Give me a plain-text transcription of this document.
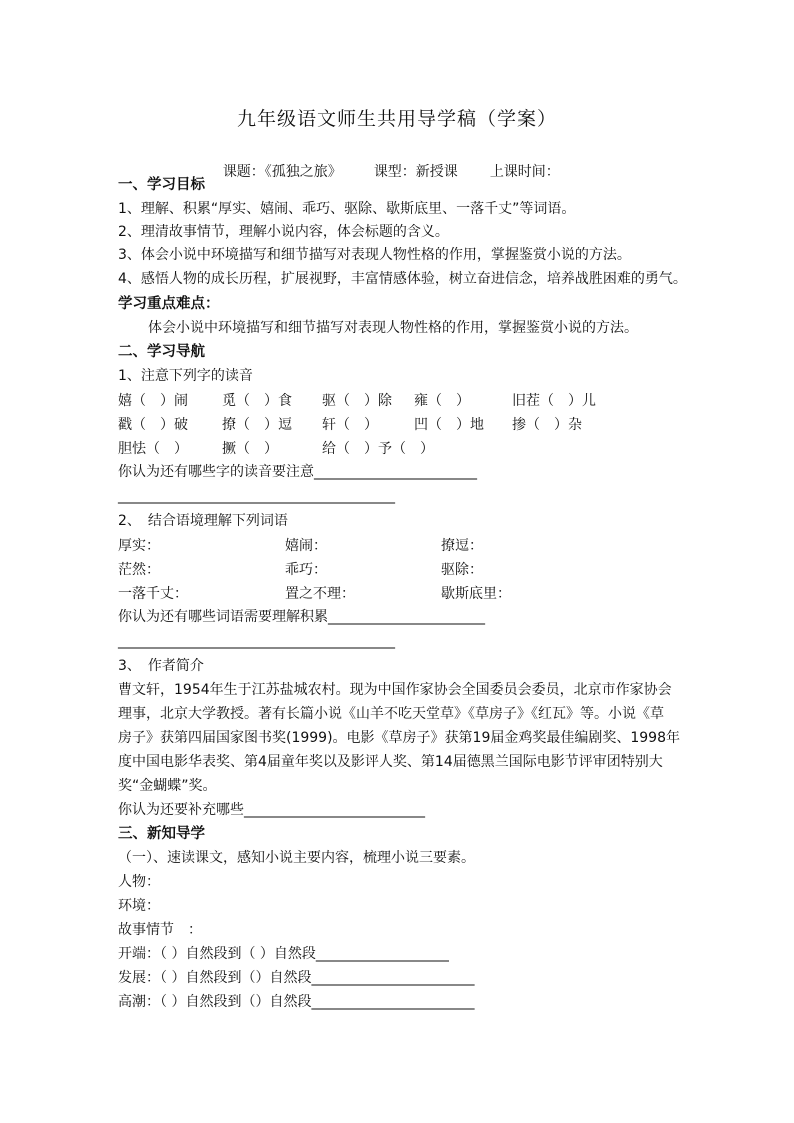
九年级语文师生共用导学稿（学案）

课题：《孤独之旅》 课型：新授课 上课时间：

一、学习目标
1、理解、积累“厚实、嬉闹、乖巧、驱除、歇斯底里、一落千丈”等词语。
2、理清故事情节，理解小说内容，体会标题的含义。
3、体会小说中环境描写和细节描写对表现人物性格的作用，掌握鉴赏小说的方法。
4、感悟人物的成长历程，扩展视野，丰富情感体验，树立奋进信念，培养战胜困难的勇气。
学习重点难点：
体会小说中环境描写和细节描写对表现人物性格的作用，掌握鉴赏小说的方法。
二、学习导航
1、注意下列字的读音
嬉（　）闹 觅（　）食 驱（　）除 雍（　）	旧茬（　）儿
戳（　）破 撩（　）逗 轩（　）	凹（　）地 掺（　）杂
胆怯（　） 撅（　）	给（　）予（　）
你认为还有哪些字的读音要注意___________________________
______________________________________________
2、　结合语境理解下列词语
厚实：	嬉闹：	撩逗：
茫然：	乖巧：	驱除：
一落千丈：	置之不理：	歇斯底里：
你认为还有哪些词语需要理解积累__________________________
______________________________________________
3、　作者简介
曹文轩，1954年生于江苏盐城农村。现为中国作家协会全国委员会委员，北京市作家协会
理事，北京大学教授。著有长篇小说《山羊不吃天堂草》《草房子》《红瓦》等。小说《草
房子》获第四届国家图书奖(1999)。电影《草房子》获第19届金鸡奖最佳编剧奖、1998年
度中国电影华表奖、第4届童年奖以及影评人奖、第14届德黑兰国际电影节评审团特别大
奖“金蝴蝶”奖。
你认为还要补充哪些______________________________
三、新知导学
（一）、速读课文，感知小说主要内容，梳理小说三要素。
人物：
环境：
故事情节　：
开端：（ ）自然段到（ ）自然段______________________
发展：（ ）自然段到（）自然段___________________________
高潮：（ ）自然段到（）自然段___________________________
